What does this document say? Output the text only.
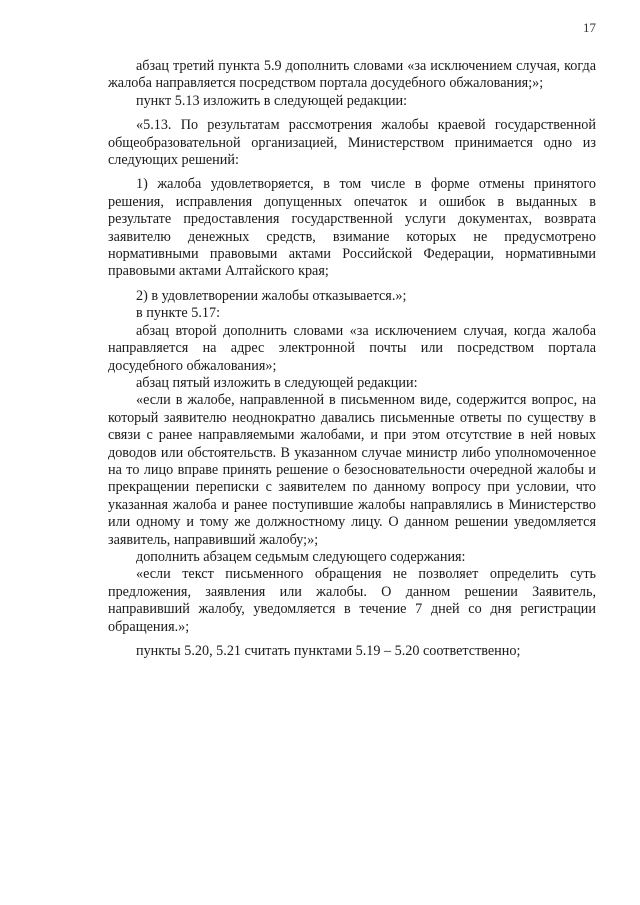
17

абзац третий пункта 5.9 дополнить словами «за исключением случая, когда жалоба направляется посредством портала досудебного обжалования;»;

пункт 5.13 изложить в следующей редакции:

«5.13. По результатам рассмотрения жалобы краевой государственной общеобразовательной организацией, Министерством принимается одно из следующих решений:

1) жалоба удовлетворяется, в том числе в форме отмены принятого решения, исправления допущенных опечаток и ошибок в выданных в результате предоставления государственной услуги документах, возврата заявителю денежных средств, взимание которых не предусмотрено нормативными правовыми актами Российской Федерации, нормативными правовыми актами Алтайского края;

2) в удовлетворении жалобы отказывается.»;

в пункте 5.17:

абзац второй дополнить словами «за исключением случая, когда жалоба направляется на адрес электронной почты или посредством портала досудебного обжалования»;

абзац пятый изложить в следующей редакции:

«если в жалобе, направленной в письменном виде, содержится вопрос, на который заявителю неоднократно давались письменные ответы по существу в связи с ранее направляемыми жалобами, и при этом отсутствие в ней новых доводов или обстоятельств. В указанном случае министр либо уполномоченное на то лицо вправе принять решение о безосновательности очередной жалобы и прекращении переписки с заявителем по данному вопросу при условии, что указанная жалоба и ранее поступившие жалобы направлялись в Министерство или одному и тому же должностному лицу. О данном решении уведомляется заявитель, направивший жалобу;»;

дополнить абзацем седьмым следующего содержания:

«если текст письменного обращения не позволяет определить суть предложения, заявления или жалобы. О данном решении Заявитель, направивший жалобу, уведомляется в течение 7 дней со дня регистрации обращения.»;

пункты 5.20, 5.21 считать пунктами 5.19 – 5.20 соответственно;
